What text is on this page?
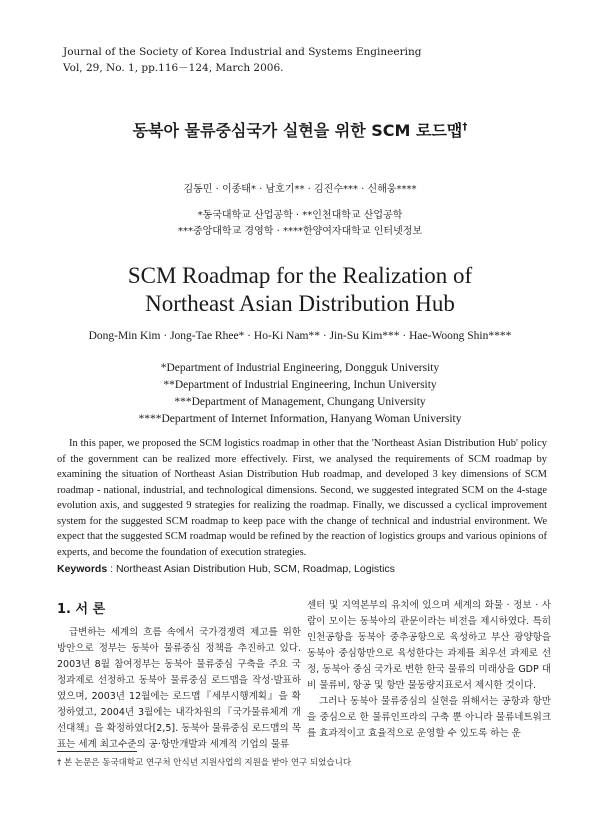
Journal of the Society of Korea Industrial and Systems Engineering
Vol, 29, No. 1, pp.116－124, March 2006.
동북아 물류중심국가 실현을 위한 SCM 로드맵†
김동민 · 이종태* · 남호기** · 김진수*** · 신해웅****
*동국대학교 산업공학 · **인천대학교 산업공학
***중앙대학교 경영학 · ****한양여자대학교 인터넷정보
SCM Roadmap for the Realization of
Northeast Asian Distribution Hub
Dong-Min Kim · Jong-Tae Rhee* · Ho-Ki Nam** · Jin-Su Kim*** · Hae-Woong Shin****
*Department of Industrial Engineering, Dongguk University
**Department of Industrial Engineering, Inchun University
***Department of Management, Chungang University
****Department of Internet Information, Hanyang Woman University

In this paper, we proposed the SCM logistics roadmap in other that the 'Northeast Asian Distribution Hub' policy of the government can be realized more effectively. First, we analysed the requirements of SCM roadmap by examining the situation of Northeast Asian Distribution Hub roadmap, and developed 3 key dimensions of SCM roadmap - national, industrial, and technological dimensions. Second, we suggested integrated SCM on the 4-stage evolution axis, and suggested 9 strategies for realizing the roadmap. Finally, we discussed a cyclical improvement system for the suggested SCM roadmap to keep pace with the change of technical and industrial environment. We expect that the suggested SCM roadmap would be refined by the reaction of logistics groups and various opinions of experts, and become the foundation of execution strategies.

Keywords : Northeast Asian Distribution Hub, SCM, Roadmap, Logistics
1. 서 론

급변하는 세계의 흐름 속에서 국가경쟁력 제고를 위한 방안으로 정부는 동북아 물류중심 정책을 추진하고 있다. 2003년 8월 참여정부는 동북아 물류중심 구축을 주요 국정과제로 선정하고 동북아 물류중심 로드맵을 작성·발표하였으며, 2003년 12월에는 로드맵『세부시행계획』을 확정하였고, 2004년 3월에는 내각차원의『국가물류체계 개선대책』을 확정하였다[2,5]. 동북아 물류중심 로드맵의 목표는 세계 최고수준의 공·항만개발과 세계적 기업의 물류

센터 및 지역본부의 유치에 있으며 세계의 화물 · 정보 · 사람이 모이는 동북아의 관문이라는 비전을 제시하였다. 특히 인천공항을 동북아 중추공항으로 육성하고 부산 광양항을 동북아 중심항만으로 육성한다는 과제를 최우선 과제로 선정, 동북아 중심 국가로 변한 한국 물류의 미래상을 GDP 대비 물류비, 항공 및 항만 물동량지표로서 제시한 것이다.

그러나 동북아 물류중심의 실현을 위해서는 공항과 항만을 중심으로 한 물류인프라의 구축 뿐 아니라 물류네트워크를 효과적이고 효율적으로 운영할 수 있도록 하는 운

† 본 논문은 동국대학교 연구처 안식년 지원사업의 지원을 받아 연구 되었습니다
